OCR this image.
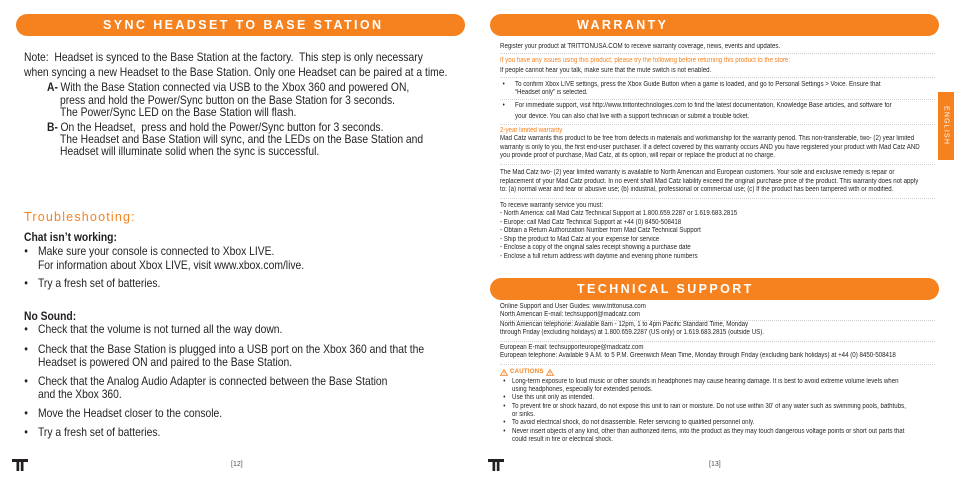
SYNC HEADSET TO BASE STATION
Note:  Headset is synced to the Base Station at the factory.  This step is only necessary
when syncing a new Headset to the Base Station. Only one Headset can be paired at a time.
A- With the Base Station connected via USB to the Xbox 360 and powered ON,
press and hold the Power/Sync button on the Base Station for 3 seconds.
The Power/Sync LED on the Base Station will flash.
B- On the Headset,  press and hold the Power/Sync button for 3 seconds.
The Headset and Base Station will sync, and the LEDs on the Base Station and
Headset will illuminate solid when the sync is successful.
Troubleshooting:
Chat isn’t working:
• Make sure your console is connected to Xbox LIVE.
For information about Xbox LIVE, visit www.xbox.com/live.
• Try a fresh set of batteries.
No Sound:
• Check that the volume is not turned all the way down.
• Check that the Base Station is plugged into a USB port on the Xbox 360 and that the
Headset is powered ON and paired to the Base Station.
• Check that the Analog Audio Adapter is connected between the Base Station
and the Xbox 360.
• Move the Headset closer to the console.
• Try a fresh set of batteries.
[12]
WARRANTY
Register your product at TRITTONUSA.COM to receive warranty coverage, news, events and updates.
If you have any issues using this product, please try the following before returning this product to the store:
If people cannot hear you talk, make sure that the mute switch is not enabled.
• To confirm Xbox LIVE settings, press the Xbox Guide Button when a game is loaded, and go to Personal Settings > Voice. Ensure that
“Headset only” is selected.
• For immediate support, visit http://www.trittontechnologies.com to find the latest documentation, Knowledge Base articles, and software for
your device. You can also chat live with a support technician or submit a trouble ticket.
2-year limited warranty
Mad Catz warrants this product to be free from defects in materials and workmanship for the warranty period. This non-transferable, two- (2) year limited
warranty is only to you, the first end-user purchaser. If a defect covered by this warranty occurs AND you have registered your product with Mad Catz AND
you provide proof of purchase, Mad Catz, at its option, will repair or replace the product at no charge.
The Mad Catz two- (2) year limited warranty is available to North American and European customers. Your sole and exclusive remedy is repair or
replacement of your Mad Catz product. In no event shall Mad Catz liability exceed the original purchase price of the product. This warranty does not apply
to: (a) normal wear and tear or abusive use; (b) industrial, professional or commercial use; (c) If the product has been tampered with or modified.
To receive warranty service you must:
- North America: call Mad Catz Technical Support at 1.800.659.2287 or 1.619.683.2815
- Europe: call Mad Catz Technical Support at +44 (0) 8450-508418
- Obtain a Return Authorization Number from Mad Catz Technical Support
- Ship the product to Mad Catz at your expense for service
- Enclose a copy of the original sales receipt showing a purchase date
- Enclose a full return address with daytime and evening phone numbers
TECHNICAL SUPPORT
Online Support and User Guides: www.trittonusa.com
North American E-mail: techsupport@madcatz.com
North American telephone: Available 8am - 12pm, 1 to 4pm Pacific Standard Time, Monday
through Friday (excluding holidays) at 1.800.659.2287 (US only) or 1.619.683.2815 (outside US).
European E-mail: techsupporteurope@madcatz.com
European telephone: Available 9 A.M. to 5 P.M. Greenwich Mean Time, Monday through Friday (excluding bank holidays) at +44 (0) 8450-508418
CAUTIONS
• Long-term exposure to loud music or other sounds in headphones may cause hearing damage. It is best to avoid extreme volume levels when
using headphones, especially for extended periods.
• Use this unit only as intended.
• To prevent fire or shock hazard, do not expose this unit to rain or moisture. Do not use within 30' of any water such as swimming pools, bathtubs,
or sinks.
• To avoid electrical shock, do not disassemble. Refer servicing to qualified personnel only.
• Never insert objects of any kind, other than authorized items, into the product as they may touch dangerous voltage points or short out parts that
could result in fire or electrical shock.
ENGLISH
[13]
